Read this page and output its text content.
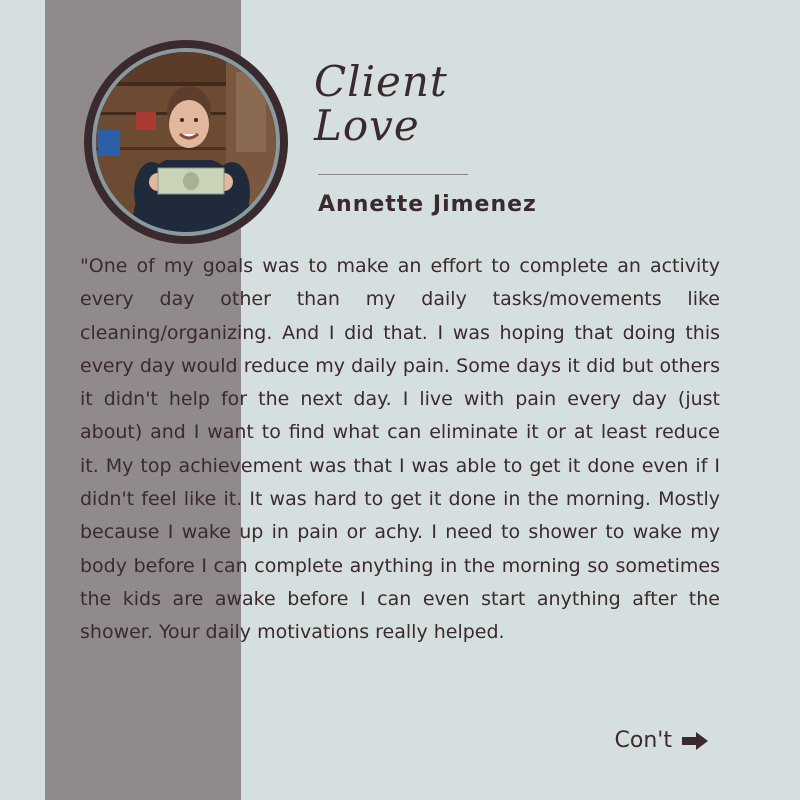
Client
Love
Annette Jimenez

"One of my goals was to make an effort to complete an activity every day other than my daily tasks/movements like cleaning/organizing. And I did that. I was hoping that doing this every day would reduce my daily pain. Some days it did but others it didn't help for the next day. I live with pain every day (just about) and I want to find what can eliminate it or at least reduce it. My top achievement was that I was able to get it done even if I didn't feel like it. It was hard to get it done in the morning. Mostly because I wake up in pain or achy. I need to shower to wake my body before I can complete anything in the morning so sometimes the kids are awake before I can even start anything after the shower. Your daily motivations really helped.

Con't
